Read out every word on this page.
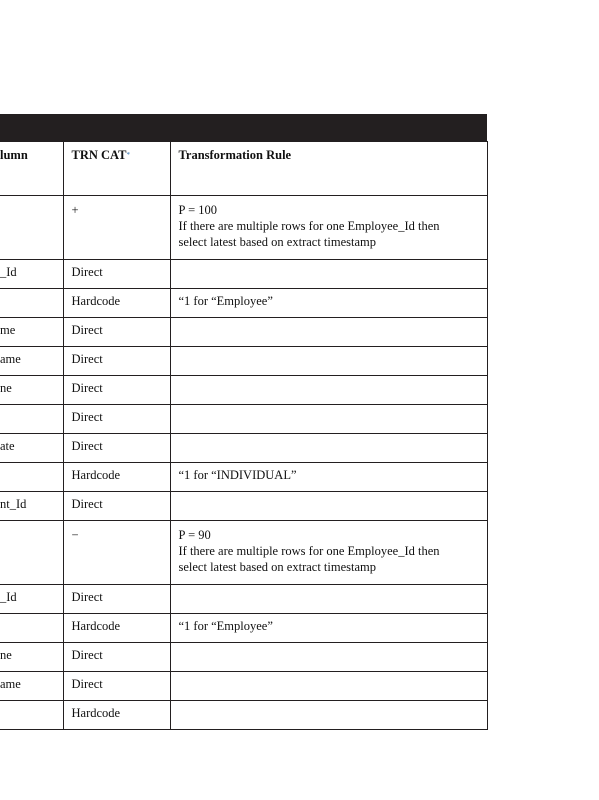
lumn	TRN CAT*	Transformation Rule
	+	P = 100
If there are multiple rows for one Employee_Id then
select latest based on extract timestamp

_Id	Direct	
	Hardcode	“1 for “Employee”

me	Direct	
ame	Direct	
ne	Direct	
	Direct	
ate	Direct	
	Hardcode	“1 for “INDIVIDUAL”

nt_Id	Direct	
	−	P = 90
If there are multiple rows for one Employee_Id then
select latest based on extract timestamp

_Id	Direct	
	Hardcode	“1 for “Employee”

ne	Direct	
ame	Direct	
	Hardcode	
